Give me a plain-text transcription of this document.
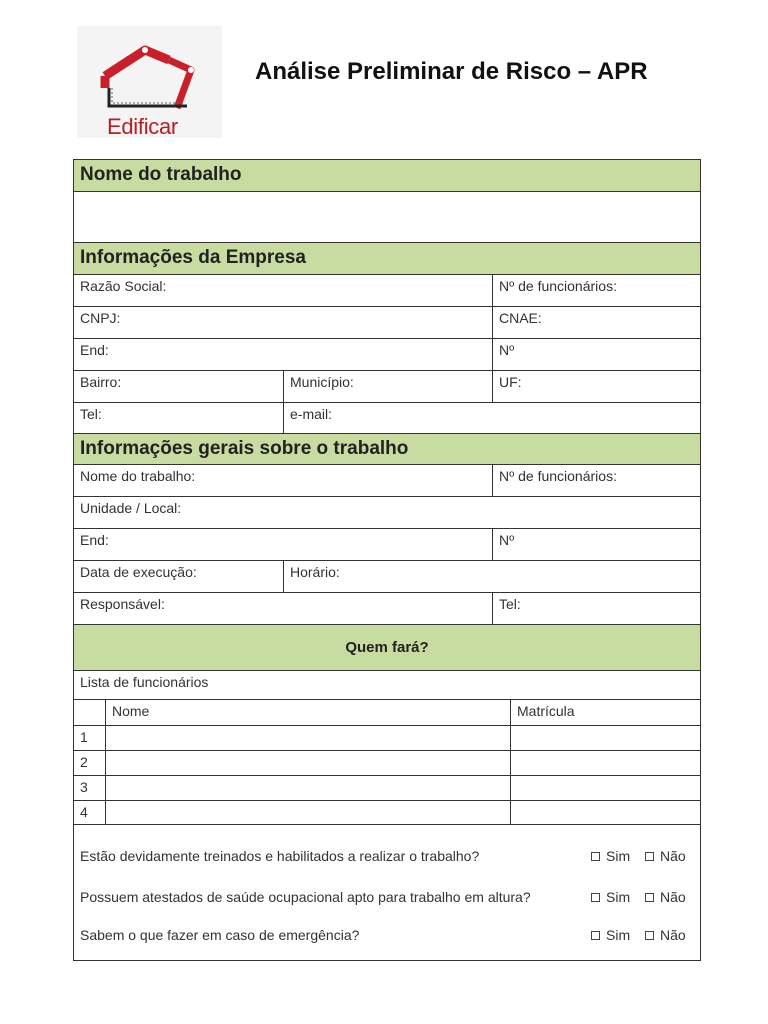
Edificar
Análise Preliminar de Risco – APR
Nome do trabalho
Informações da Empresa
Razão Social:	Nº de funcionários:
CNPJ:	CNAE:
End:	Nº
Bairro:	Município:	UF:
Tel:	e-mail:
Informações gerais sobre o trabalho
Nome do trabalho:	Nº de funcionários:
Unidade / Local:
End:	Nº
Data de execução:	Horário:
Responsável:	Tel:
Quem fará?
Lista de funcionários
Nome	Matrícula
1
2
3
4
Estão devidamente treinados e habilitados a realizar o trabalho?	Sim	Não
Possuem atestados de saúde ocupacional apto para trabalho em altura?	Sim	Não
Sabem o que fazer em caso de emergência?	Sim	Não
